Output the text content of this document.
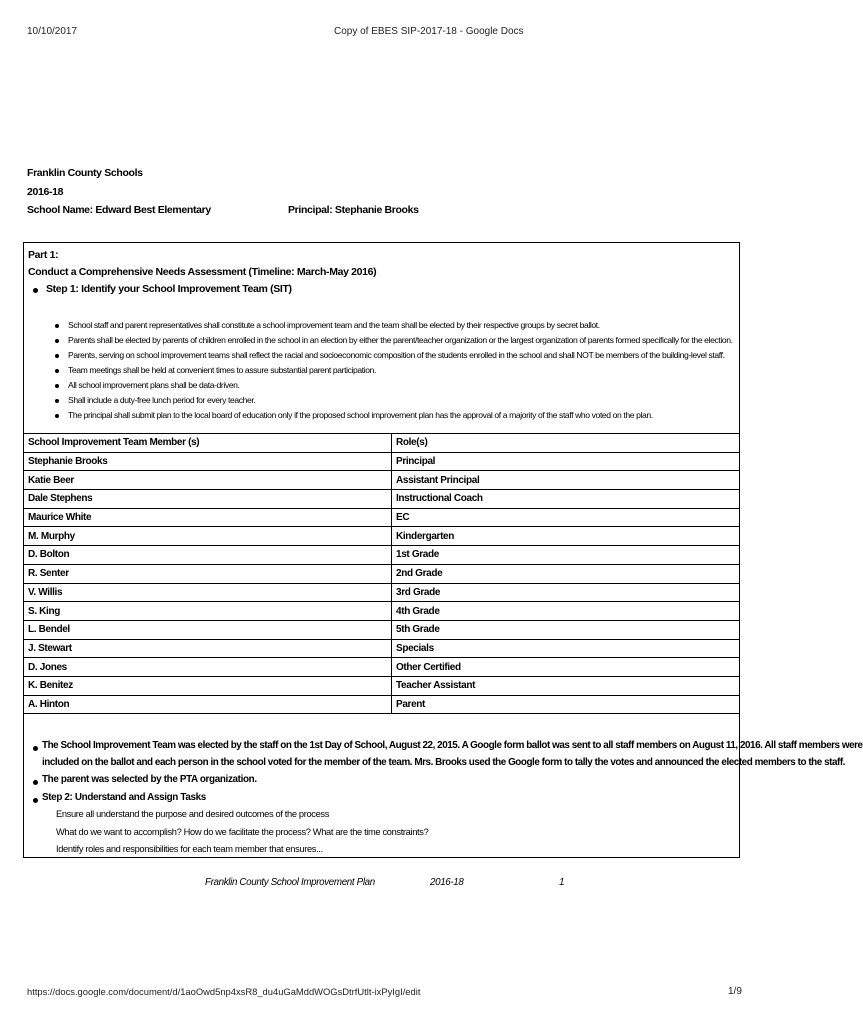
10/10/2017	Copy of EBES SIP-2017-18 - Google Docs
Franklin County Schools
2016-18
School Name: Edward Best Elementary	Principal: Stephanie Brooks
Part 1:
Conduct a Comprehensive Needs Assessment (Timeline: March-May 2016)
Step 1: Identify your School Improvement Team (SIT)
School staff and parent representatives shall constitute a school improvement team and the team shall be elected by their respective groups by secret ballot.
Parents shall be elected by parents of children enrolled in the school in an election by either the parent/teacher organization or the largest organization of parents formed specifically for the election.
Parents, serving on school improvement teams shall reflect the racial and socioeconomic composition of the students enrolled in the school and shall NOT be members of the building-level staff.
Team meetings shall be held at convenient times to assure substantial parent participation.
All school improvement plans shall be data-driven.
Shall include a duty-free lunch period for every teacher.
The principal shall submit plan to the local board of education only if the proposed school improvement plan has the approval of a majority of the staff who voted on the plan.
School Improvement Team Member (s)	Role(s)
Stephanie Brooks	Principal
Katie Beer	Assistant Principal
Dale Stephens	Instructional Coach
Maurice White	EC
M. Murphy	Kindergarten
D. Bolton	1st Grade
R. Senter	2nd Grade
V. Willis	3rd Grade
S. King	4th Grade
L. Bendel	5th Grade
J. Stewart	Specials
D. Jones	Other Certified
K. Benitez	Teacher Assistant
A. Hinton	Parent
The School Improvement Team was elected by the staff on the 1st Day of School, August 22, 2015. A Google form ballot was sent to all staff members on August 11, 2016. All staff members were
included on the ballot and each person in the school voted for the member of the team. Mrs. Brooks used the Google form to tally the votes and announced the elected members to the staff.
The parent was selected by the PTA organization.
Step 2: Understand and Assign Tasks
Ensure all understand the purpose and desired outcomes of the process
What do we want to accomplish? How do we facilitate the process? What are the time constraints?
Identify roles and responsibilities for each team member that ensures...
Franklin County School Improvement Plan	2016-18	1
https://docs.google.com/document/d/1aoOwd5np4xsR8_du4uGaMddWOGsDtrfUtlt-ixPyIgI/edit	1/9
